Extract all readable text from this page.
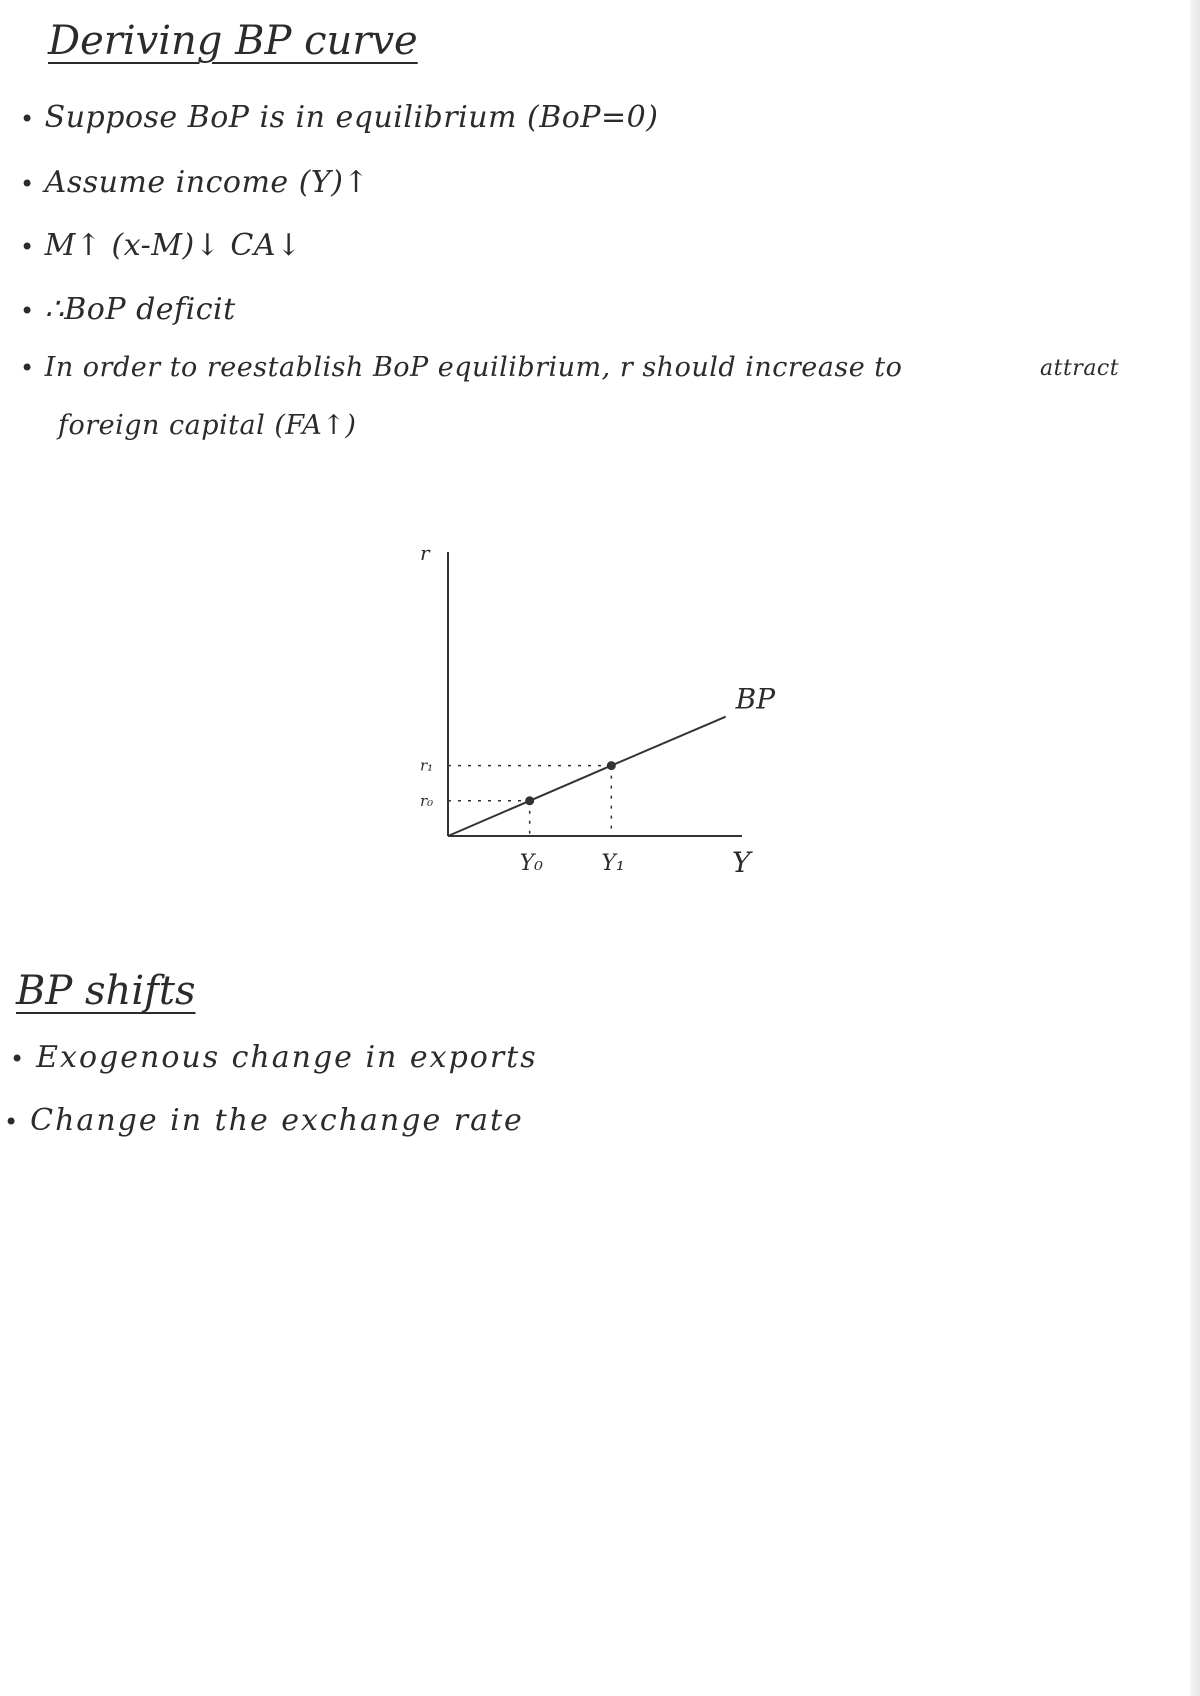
Deriving BP curve
• Suppose BoP is in equilibrium (BoP=0)
• Assume income (Y)↑
• M↑ (x-M)↓ CA↓
• ∴BoP deficit
• In order to reestablish BoP equilibrium, r should increase to	attract
foreign capital (FA↑)
r
Y
BP
r₀
Y₀
r₁
Y₁
BP shifts
• Exogenous change in exports
• Change in the exchange rate
